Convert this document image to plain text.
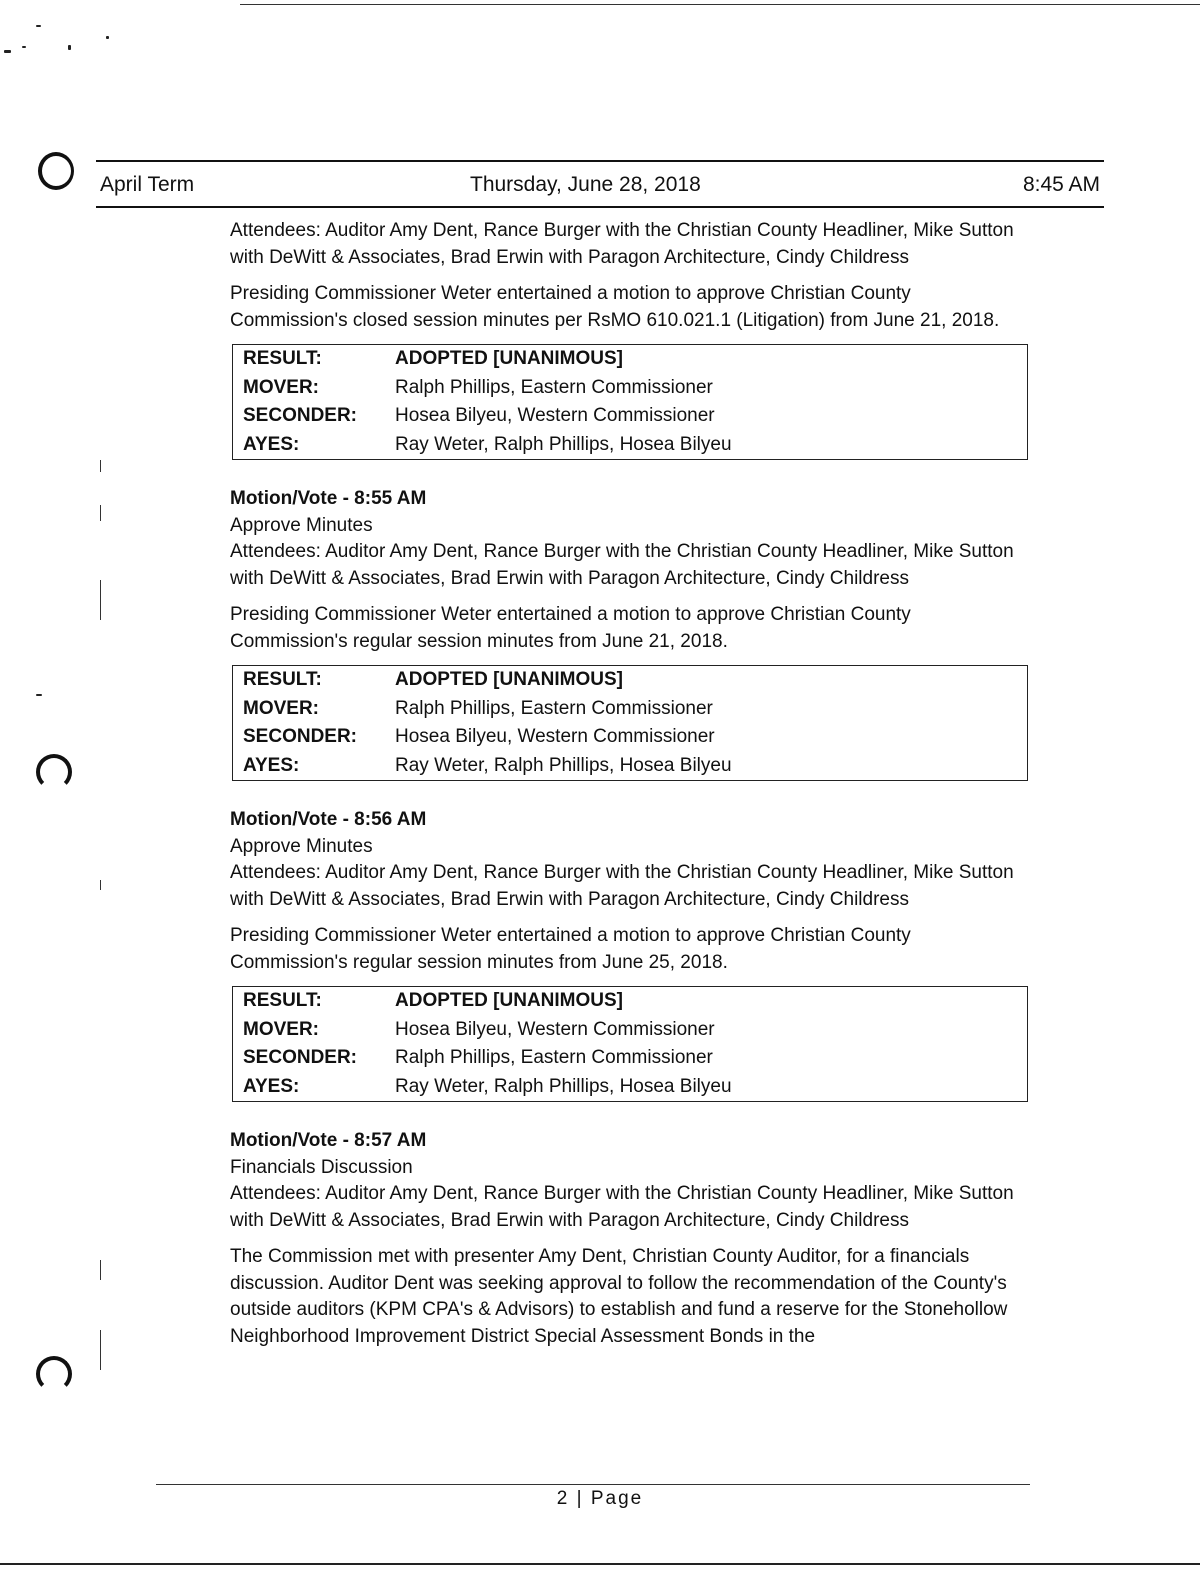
April Term	Thursday, June 28, 2018	8:45 AM

Attendees: Auditor Amy Dent, Rance Burger with the Christian County Headliner, Mike Sutton with DeWitt & Associates, Brad Erwin with Paragon Architecture, Cindy Childress

Presiding Commissioner Weter entertained a motion to approve Christian County Commission's closed session minutes per RsMO 610.021.1 (Litigation) from June 21, 2018.

RESULT:	ADOPTED [UNANIMOUS]
MOVER:	Ralph Phillips, Eastern Commissioner
SECONDER:	Hosea Bilyeu, Western Commissioner
AYES:	Ray Weter, Ralph Phillips, Hosea Bilyeu

Motion/Vote - 8:55 AM

Approve Minutes

Attendees: Auditor Amy Dent, Rance Burger with the Christian County Headliner, Mike Sutton with DeWitt & Associates, Brad Erwin with Paragon Architecture, Cindy Childress

Presiding Commissioner Weter entertained a motion to approve Christian County Commission's regular session minutes from June 21, 2018.

RESULT:	ADOPTED [UNANIMOUS]
MOVER:	Ralph Phillips, Eastern Commissioner
SECONDER:	Hosea Bilyeu, Western Commissioner
AYES:	Ray Weter, Ralph Phillips, Hosea Bilyeu

Motion/Vote - 8:56 AM

Approve Minutes

Attendees: Auditor Amy Dent, Rance Burger with the Christian County Headliner, Mike Sutton with DeWitt & Associates, Brad Erwin with Paragon Architecture, Cindy Childress

Presiding Commissioner Weter entertained a motion to approve Christian County Commission's regular session minutes from June 25, 2018.

RESULT:	ADOPTED [UNANIMOUS]
MOVER:	Hosea Bilyeu, Western Commissioner
SECONDER:	Ralph Phillips, Eastern Commissioner
AYES:	Ray Weter, Ralph Phillips, Hosea Bilyeu

Motion/Vote - 8:57 AM

Financials Discussion

Attendees: Auditor Amy Dent, Rance Burger with the Christian County Headliner, Mike Sutton with DeWitt & Associates, Brad Erwin with Paragon Architecture, Cindy Childress

The Commission met with presenter Amy Dent, Christian County Auditor, for a financials discussion. Auditor Dent was seeking approval to follow the recommendation of the County's outside auditors (KPM CPA's & Advisors) to establish and fund a reserve for the Stonehollow Neighborhood Improvement District Special Assessment Bonds in the

2 | Page
